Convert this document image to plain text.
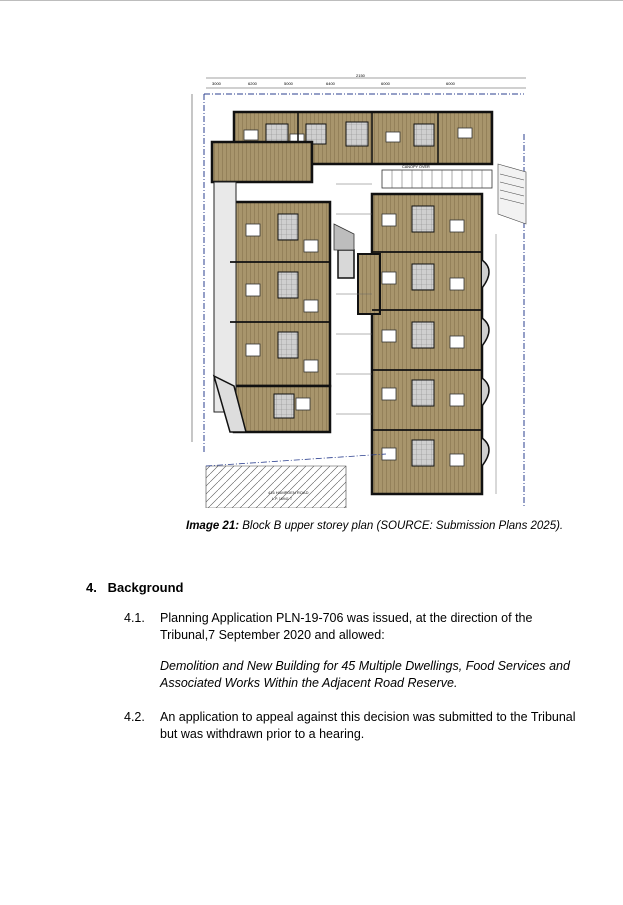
2150
3000	6200	5000	6400	6000	6000
CANOPY OVER
416 HAMPDEN ROAD
L.P. 18941 T
Image 21: Block B upper storey plan (SOURCE: Submission Plans 2025).
4. Background
4.1. Planning Application PLN-19-706 was issued, at the direction of the Tribunal,7 September 2020 and allowed:
Demolition and New Building for 45 Multiple Dwellings, Food Services and Associated Works Within the Adjacent Road Reserve.
4.2. An application to appeal against this decision was submitted to the Tribunal but was withdrawn prior to a hearing.
